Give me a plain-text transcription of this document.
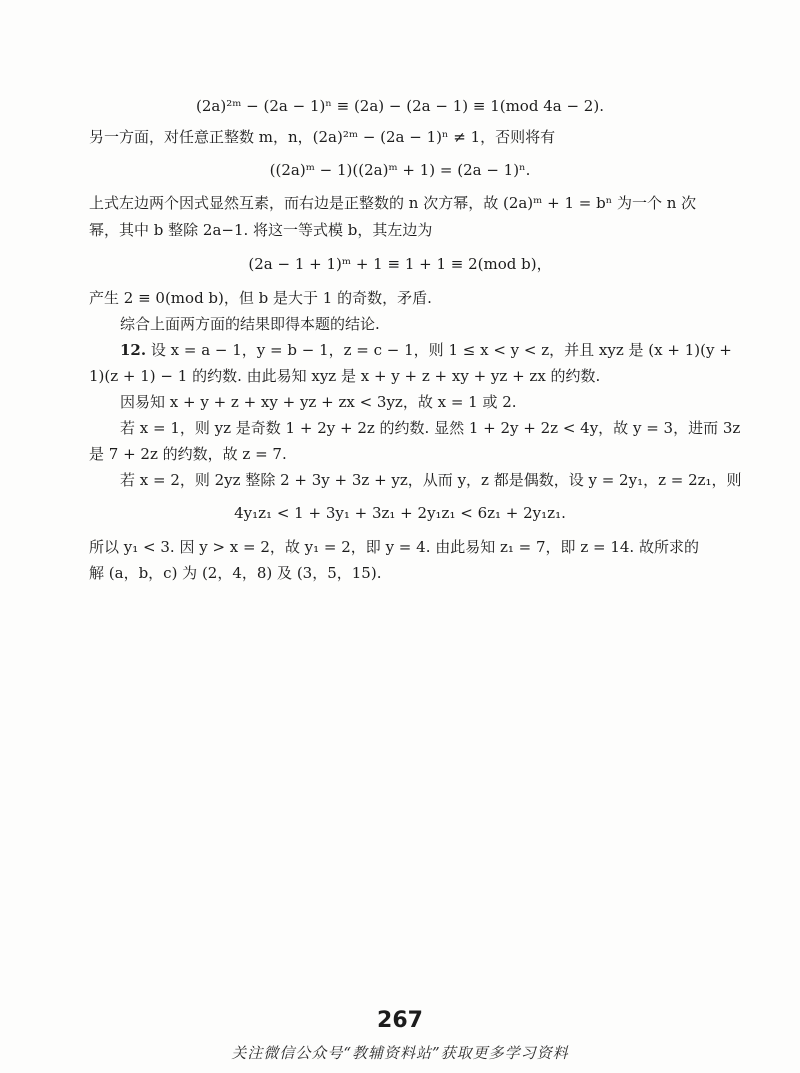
(2a)²ᵐ − (2a − 1)ⁿ ≡ (2a) − (2a − 1) ≡ 1(mod 4a − 2).
另一方面，对任意正整数 m，n，(2a)²ᵐ − (2a − 1)ⁿ ≠ 1，否则将有
((2a)ᵐ − 1)((2a)ᵐ + 1) = (2a − 1)ⁿ.
上式左边两个因式显然互素，而右边是正整数的 n 次方幂，故 (2a)ᵐ + 1 = bⁿ 为一个 n 次
幂，其中 b 整除 2a−1. 将这一等式模 b，其左边为
(2a − 1 + 1)ᵐ + 1 ≡ 1 + 1 ≡ 2(mod b)，
产生 2 ≡ 0(mod b)，但 b 是大于 1 的奇数，矛盾.
综合上面两方面的结果即得本题的结论.
12. 设 x = a − 1，y = b − 1，z = c − 1，则 1 ≤ x < y < z，并且 xyz 是 (x + 1)(y +
1)(z + 1) − 1 的约数. 由此易知 xyz 是 x + y + z + xy + yz + zx 的约数.
因易知 x + y + z + xy + yz + zx < 3yz，故 x = 1 或 2.
若 x = 1，则 yz 是奇数 1 + 2y + 2z 的约数. 显然 1 + 2y + 2z < 4y，故 y = 3，进而 3z
是 7 + 2z 的约数，故 z = 7.
若 x = 2，则 2yz 整除 2 + 3y + 3z + yz，从而 y，z 都是偶数，设 y = 2y₁，z = 2z₁，则
4y₁z₁ < 1 + 3y₁ + 3z₁ + 2y₁z₁ < 6z₁ + 2y₁z₁.
所以 y₁ < 3. 因 y > x = 2，故 y₁ = 2，即 y = 4. 由此易知 z₁ = 7，即 z = 14. 故所求的
解 (a，b，c) 为 (2，4，8) 及 (3，5，15).
267
关注微信公众号“教辅资料站”获取更多学习资料
